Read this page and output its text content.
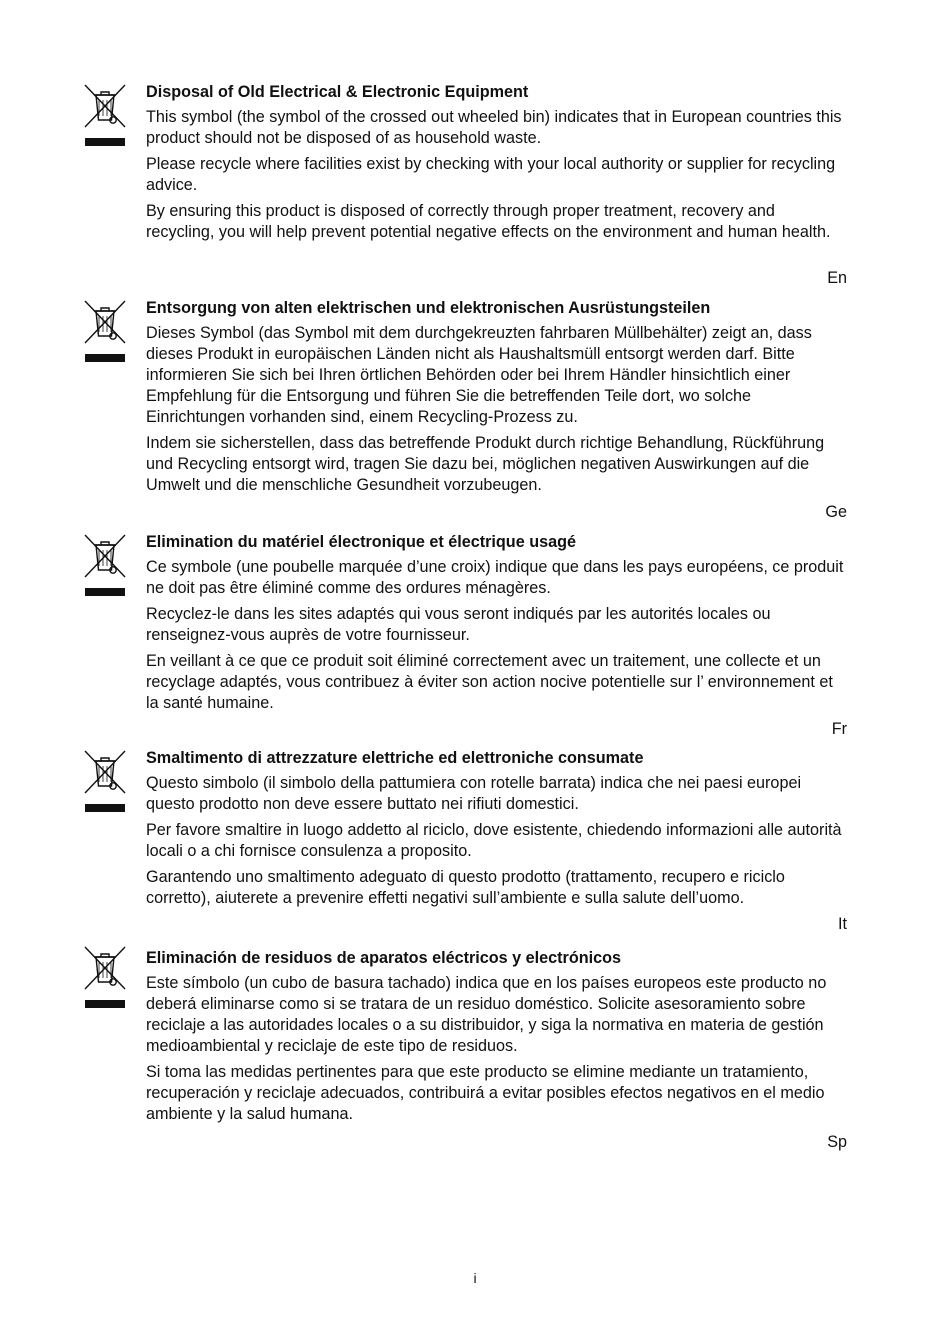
Disposal of Old Electrical & Electronic Equipment

This symbol (the symbol of the crossed out wheeled bin) indicates that in European countries this product should not be disposed of as household waste.

Please recycle where facilities exist by checking with your local authority or supplier for recycling advice.

By ensuring this product is disposed of correctly through proper treatment, recovery and recycling, you will help prevent potential negative effects on the environment and human health.

En

Entsorgung von alten elektrischen und elektronischen Ausrüstungsteilen

Dieses Symbol (das Symbol mit dem durchgekreuzten fahrbaren Müllbehälter) zeigt an, dass dieses Produkt in europäischen Länden nicht als Haushaltsmüll entsorgt werden darf. Bitte informieren Sie sich bei Ihren örtlichen Behörden oder bei Ihrem Händler hinsichtlich einer Empfehlung für die Entsorgung und führen Sie die betreffenden Teile dort, wo solche Einrichtungen vorhanden sind, einem Recycling-Prozess zu.

Indem sie sicherstellen, dass das betreffende Produkt durch richtige Behandlung, Rückführung und Recycling entsorgt wird, tragen Sie dazu bei, möglichen negativen Auswirkungen auf die Umwelt und die menschliche Gesundheit vorzubeugen.

Ge

Elimination du matériel électronique et électrique usagé

Ce symbole (une poubelle marquée d’une croix) indique que dans les pays européens, ce produit ne doit pas être éliminé comme des ordures ménagères.

Recyclez-le dans les sites adaptés qui vous seront indiqués par les autorités locales ou renseignez-vous auprès de votre fournisseur.

En veillant à ce que ce produit soit éliminé correctement avec un traitement, une collecte et un recyclage adaptés, vous contribuez à éviter son action nocive potentielle sur l’ environnement et la santé humaine.

Fr

Smaltimento di attrezzature elettriche ed elettroniche consumate

Questo simbolo (il simbolo della pattumiera con rotelle barrata) indica che nei paesi europei questo prodotto non deve essere buttato nei rifiuti domestici.

Per favore smaltire in luogo addetto al riciclo, dove esistente, chiedendo informazioni alle autorità locali o a chi fornisce consulenza a proposito.

Garantendo uno smaltimento adeguato di questo prodotto (trattamento, recupero e riciclo corretto), aiuterete a prevenire effetti negativi sull’ambiente e sulla salute dell’uomo.

It

Eliminación de residuos de aparatos eléctricos y electrónicos

Este símbolo (un cubo de basura tachado) indica que en los países europeos este producto no deberá eliminarse como si se tratara de un residuo doméstico. Solicite asesoramiento sobre reciclaje a las autoridades locales o a su distribuidor, y siga la normativa en materia de gestión medioambiental y reciclaje de este tipo de residuos.

Si toma las medidas pertinentes para que este producto se elimine mediante un tratamiento, recuperación y reciclaje adecuados, contribuirá a evitar posibles efectos negativos en el medio ambiente y la salud humana.

Sp
i
